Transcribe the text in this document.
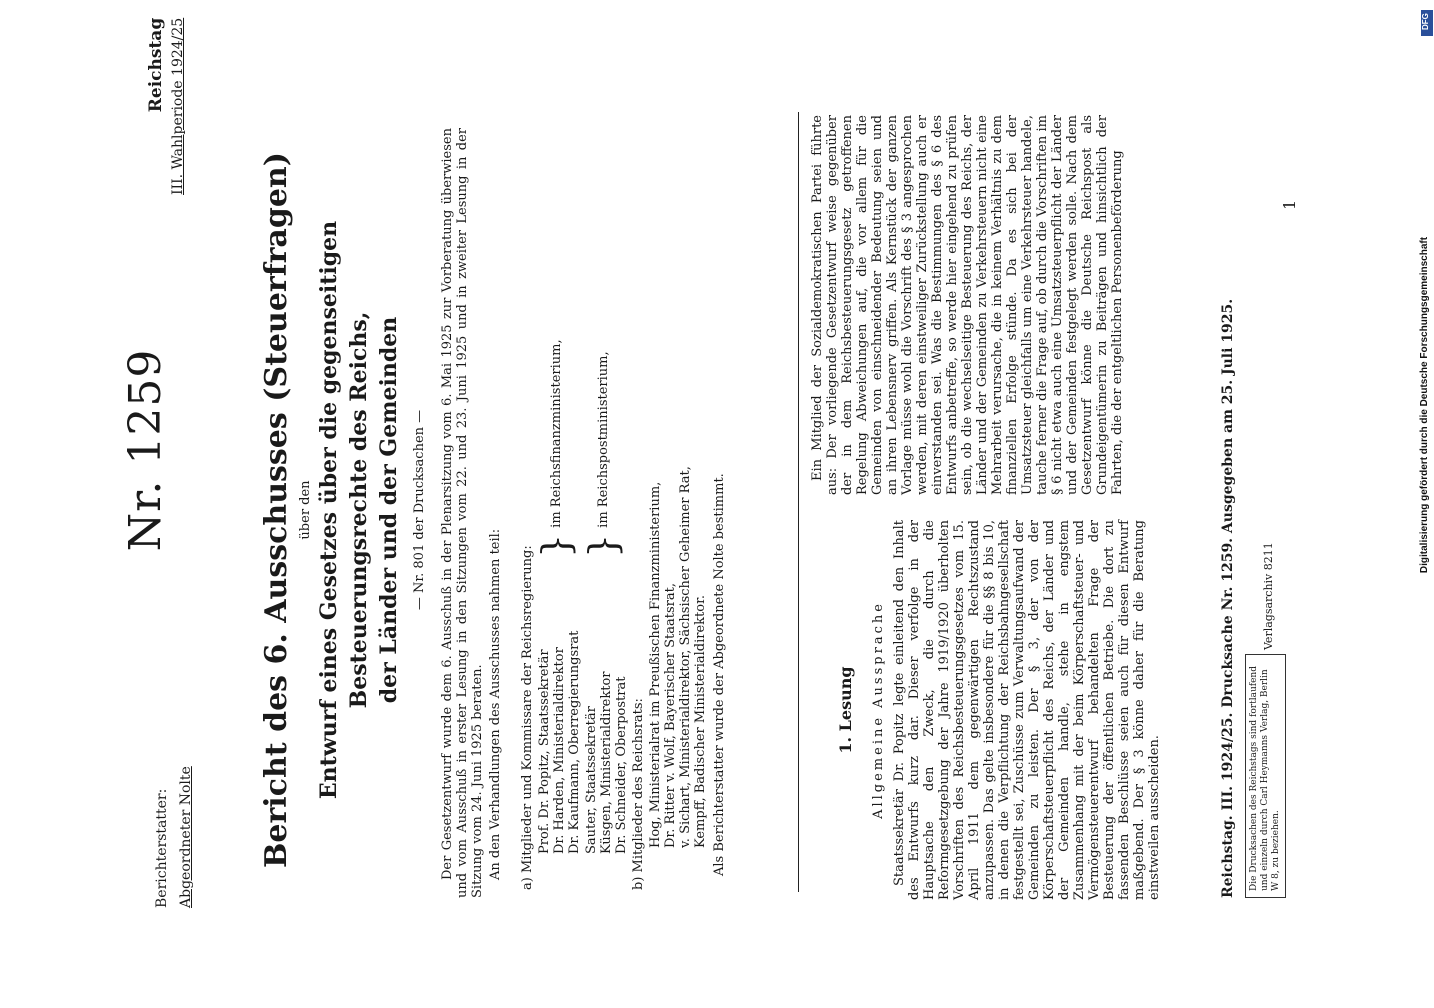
Digitalisierung gefördert durch die Deutsche Forschungsgemeinschaft
DFG
Berichterstatter: Abgeordneter Nolte
Nr. 1259
Reichstag III. Wahlperiode 1924/25
Bericht des 6. Ausschusses (Steuerfragen) über den Entwurf eines Gesetzes über die gegenseitigen Besteuerungsrechte des Reichs, der Länder und der Gemeinden — Nr. 801 der Drucksachen — Der Gesetzentwurf wurde dem 6. Ausschuß in der Plenarsitzung vom 6. Mai 1925 zur Vorberatung überwiesen und vom Ausschuß in erster Lesung in den Sitzungen vom 22. und 23. Juni 1925 und in zweiter Lesung in der Sitzung vom 24. Juni 1925 beraten. An den Verhandlungen des Ausschusses nahmen teil: a) Mitglieder und Kommissare der Reichsregierung: Prof. Dr. Popitz, Staatssekretär Dr. Harden, Ministerialdirektor Dr. Kaufmann, Oberregierungsrat
}
im Reichsfinanzministerium,
Sauter, Staatssekretär Küsgen, Ministerialdirektor Dr. Schneider, Oberpostrat
}
im Reichspostministerium,
b) Mitglieder des Reichsrats: Hog, Ministerialrat im Preußischen Finanzministerium, Dr. Ritter v. Wolf, Bayerischer Staatsrat, v. Sichart, Ministerialdirektor, Sächsischer Geheimer Rat, Kempff, Badischer Ministerialdirektor. Als Berichterstatter wurde der Abgeordnete Nolte bestimmt.	1. Lesung Allgemeine Aussprache Staatssekretär Dr. Popitz legte einleitend den Inhalt des Entwurfs kurz dar. Dieser verfolge in der Hauptsache den Zweck, die durch die Reformgesetzgebung der Jahre 1919/1920 überholten Vorschriften des Reichsbesteuerungsgesetzes vom 15. April 1911 dem gegenwärtigen Rechtszustand anzupassen. Das gelte insbesondere für die §§ 8 bis 10, in denen die Verpflichtung der Reichsbahngesellschaft festgestellt sei, Zuschüsse zum Verwaltungsaufwand der Gemeinden zu leisten. Der § 3, der von der Körperschaftsteuerpflicht des Reichs, der Länder und der Gemeinden handle, stehe in engstem Zusammenhang mit der beim Körperschaftsteuer- und Vermögensteuerentwurf behandelten Frage der Besteuerung der öffentlichen Betriebe. Die dort zu fassenden Beschlüsse seien auch für diesen Entwurf maßgebend. Der § 3 könne daher für die Beratung einstweilen ausscheiden.

Ein Mitglied der Sozialdemokratischen Partei führte aus: Der vorliegende Gesetzentwurf weise gegenüber der in dem Reichsbesteuerungsgesetz getroffenen Regelung Abweichungen auf, die vor allem für die Gemeinden von einschneidender Bedeutung seien und an ihren Lebensnerv griffen. Als Kernstück der ganzen Vorlage müsse wohl die Vorschrift des § 3 angesprochen werden, mit deren einstweiliger Zurückstellung auch er einverstanden sei. Was die Bestimmungen des § 6 des Entwurfs anbetreffe, so werde hier eingehend zu prüfen sein, ob die wechselseitige Besteuerung des Reichs, der Länder und der Gemeinden zu Verkehrsteuern nicht eine Mehrarbeit verursache, die in keinem Verhältnis zu dem finanziellen Erfolge stünde. Da es sich bei der Umsatzsteuer gleichfalls um eine Verkehrsteuer handele, tauche ferner die Frage auf, ob durch die Vorschriften im § 6 nicht etwa auch eine Umsatzsteuerpflicht der Länder und der Gemeinden festgelegt werden solle. Nach dem Gesetzentwurf könne die Deutsche Reichspost als Grundeigentümerin zu Beiträgen und hinsichtlich der Fahrten, die der entgeltlichen Personenbeförderung	Reichstag. III. 1924/25. Drucksache Nr. 1259. Ausgegeben am 25. Juli 1925.	Die Drucksachen des Reichstags sind fortlaufend und einzeln durch Carl Heymanns Verlag, Berlin W 8, zu beziehen.
Verlagsarchiv 8211
1
